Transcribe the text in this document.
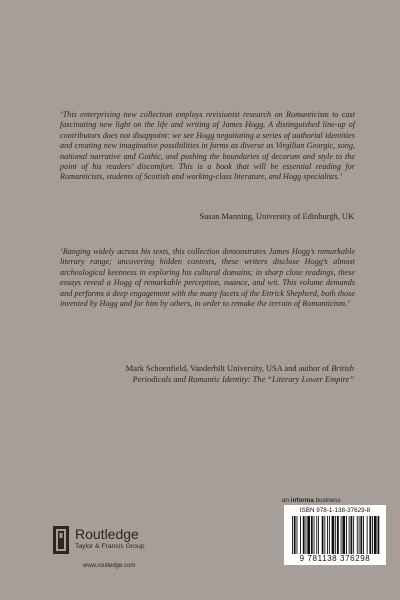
‘This enterprising new collection employs revisionist research on Romanticism to cast fascinating new light on the life and writing of James Hogg. A distinguished line-up of contributors does not disappoint: we see Hogg negotiating a series of authorial identities and creating new imaginative possibilities in forms as diverse as Virgilian Georgic, song, national narrative and Gothic, and pushing the boundaries of decorum and style to the point of his readers’ discomfort. This is a book that will be essential reading for Romanticists, students of Scottish and working-class literature, and Hogg specialists.’
Susan Manning, University of Edinburgh, UK
‘Ranging widely across his texts, this collection demonstrates James Hogg’s remarkable literary range; uncovering hidden contexts, these writers disclose Hogg’s almost archeological keenness in exploring his cultural domains; in sharp close readings, these essays reveal a Hogg of remarkable perception, nuance, and wit. This volume demands and performs a deep engagement with the many facets of the Ettrick Shepherd, both those invented by Hogg and for him by others, in order to remake the terrain of Romanticism.’
Mark Schoenfield, Vanderbilt University, USA and author of British Periodicals and Romantic Identity: The “Literary Lower Empire”
an informa business
ISBN 978-1-138-37629-8
9 781138 376298
Routledge
Taylor & Francis Group
www.routledge.com
